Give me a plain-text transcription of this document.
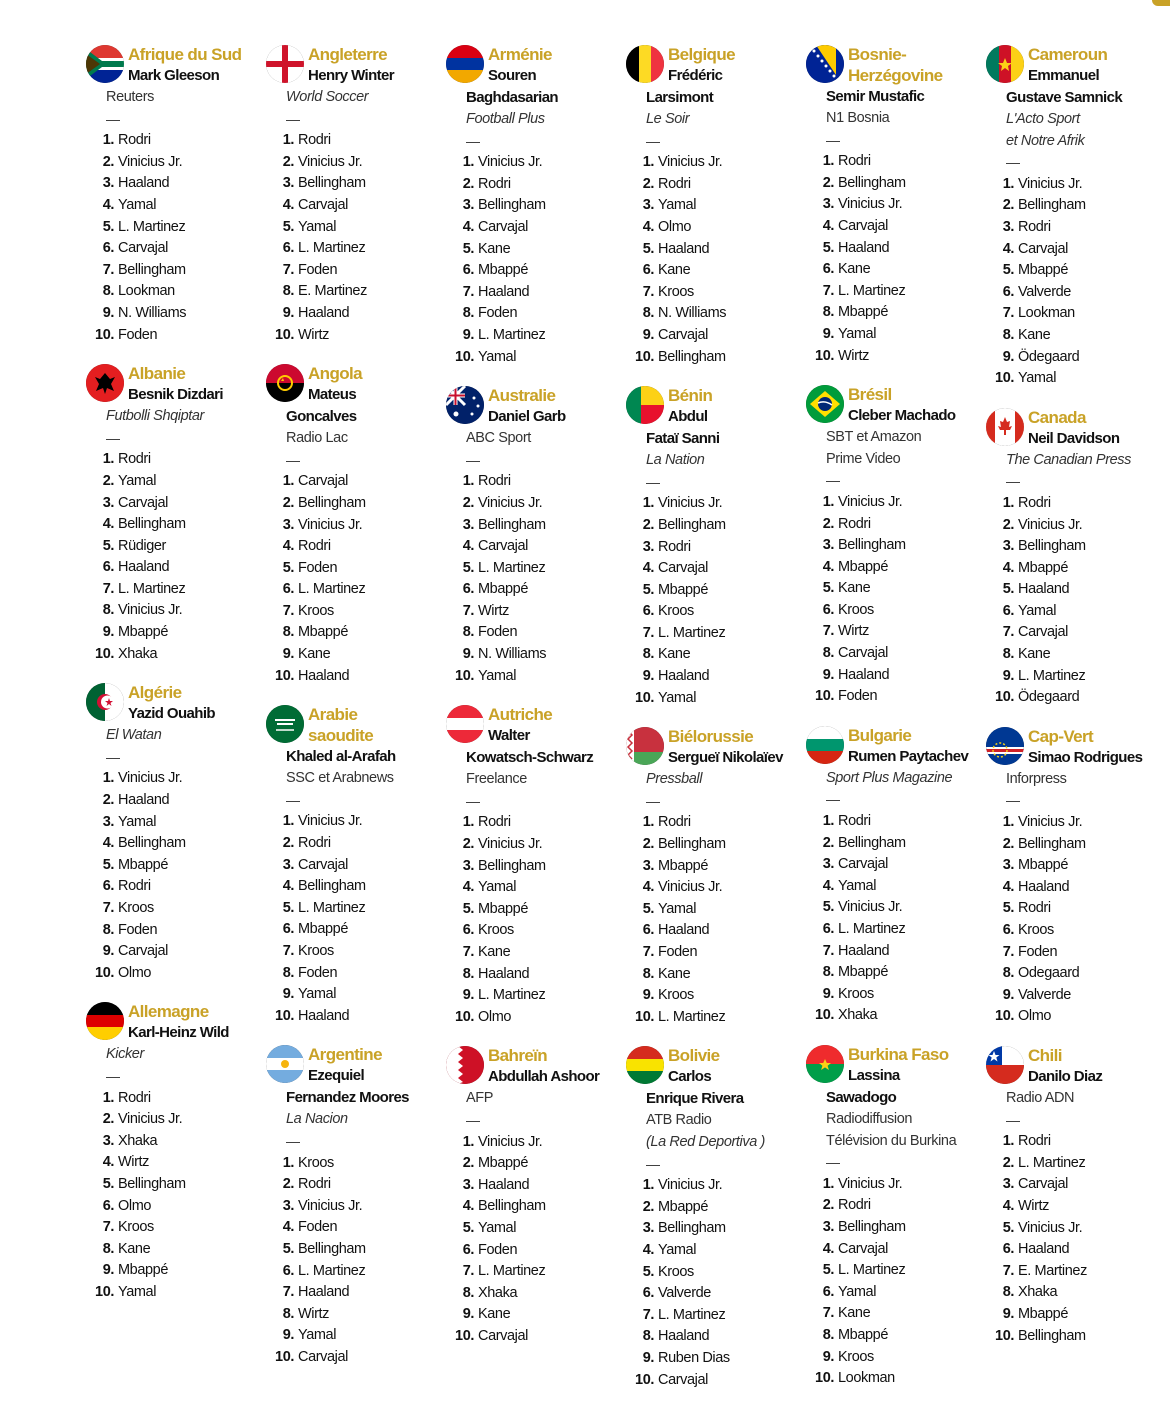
Afrique du Sud
Mark Gleeson
Reuters
—
1. Rodri
2. Vinicius Jr.
3. Haaland
4. Yamal
5. L. Martinez
6. Carvajal
7. Bellingham
8. Lookman
9. N. Williams
10. Foden
Albanie
Besnik Dizdari
Futbolli Shqiptar
—
1. Rodri
2. Yamal
3. Carvajal
4. Bellingham
5. Rüdiger
6. Haaland
7. L. Martinez
8. Vinicius Jr.
9. Mbappé
10. Xhaka
Algérie
Yazid Ouahib
El Watan
—
1. Vinicius Jr.
2. Haaland
3. Yamal
4. Bellingham
5. Mbappé
6. Rodri
7. Kroos
8. Foden
9. Carvajal
10. Olmo
Allemagne
Karl-Heinz Wild
Kicker
—
1. Rodri
2. Vinicius Jr.
3. Xhaka
4. Wirtz
5. Bellingham
6. Olmo
7. Kroos
8. Kane
9. Mbappé
10. Yamal
Angleterre
Henry Winter
World Soccer
—
1. Rodri
2. Vinicius Jr.
3. Bellingham
4. Carvajal
5. Yamal
6. L. Martinez
7. Foden
8. E. Martinez
9. Haaland
10. Wirtz
Angola
Mateus
Goncalves
Radio Lac
—
1. Carvajal
2. Bellingham
3. Vinicius Jr.
4. Rodri
5. Foden
6. L. Martinez
7. Kroos
8. Mbappé
9. Kane
10. Haaland
Arabie
saoudite
Khaled al-Arafah
SSC et Arabnews
—
1. Vinicius Jr.
2. Rodri
3. Carvajal
4. Bellingham
5. L. Martinez
6. Mbappé
7. Kroos
8. Foden
9. Yamal
10. Haaland
Argentine
Ezequiel
Fernandez Moores
La Nacion
—
1. Kroos
2. Rodri
3. Vinicius Jr.
4. Foden
5. Bellingham
6. L. Martinez
7. Haaland
8. Wirtz
9. Yamal
10. Carvajal
Arménie
Souren
Baghdasarian
Football Plus
—
1. Vinicius Jr.
2. Rodri
3. Bellingham
4. Carvajal
5. Kane
6. Mbappé
7. Haaland
8. Foden
9. L. Martinez
10. Yamal
Australie
Daniel Garb
ABC Sport
—
1. Rodri
2. Vinicius Jr.
3. Bellingham
4. Carvajal
5. L. Martinez
6. Mbappé
7. Wirtz
8. Foden
9. N. Williams
10. Yamal
Autriche
Walter
Kowatsch-Schwarz
Freelance
—
1. Rodri
2. Vinicius Jr.
3. Bellingham
4. Yamal
5. Mbappé
6. Kroos
7. Kane
8. Haaland
9. L. Martinez
10. Olmo
Bahreïn
Abdullah Ashoor
AFP
—
1. Vinicius Jr.
2. Mbappé
3. Haaland
4. Bellingham
5. Yamal
6. Foden
7. L. Martinez
8. Xhaka
9. Kane
10. Carvajal
Belgique
Frédéric
Larsimont
Le Soir
—
1. Vinicius Jr.
2. Rodri
3. Yamal
4. Olmo
5. Haaland
6. Kane
7. Kroos
8. N. Williams
9. Carvajal
10. Bellingham
Bénin
Abdul
Fataï Sanni
La Nation
—
1. Vinicius Jr.
2. Bellingham
3. Rodri
4. Carvajal
5. Mbappé
6. Kroos
7. L. Martinez
8. Kane
9. Haaland
10. Yamal
Biélorussie
Sergueï Nikolaïev
Pressball
—
1. Rodri
2. Bellingham
3. Mbappé
4. Vinicius Jr.
5. Yamal
6. Haaland
7. Foden
8. Kane
9. Kroos
10. L. Martinez
Bolivie
Carlos
Enrique Rivera
ATB Radio
(La Red Deportiva )
—
1. Vinicius Jr.
2. Mbappé
3. Bellingham
4. Yamal
5. Kroos
6. Valverde
7. L. Martinez
8. Haaland
9. Ruben Dias
10. Carvajal
Bosnie-
Herzégovine
Semir Mustafic
N1 Bosnia
—
1. Rodri
2. Bellingham
3. Vinicius Jr.
4. Carvajal
5. Haaland
6. Kane
7. L. Martinez
8. Mbappé
9. Yamal
10. Wirtz
Brésil
Cleber Machado
SBT et Amazon
Prime Video
—
1. Vinicius Jr.
2. Rodri
3. Bellingham
4. Mbappé
5. Kane
6. Kroos
7. Wirtz
8. Carvajal
9. Haaland
10. Foden
Bulgarie
Rumen Paytachev
Sport Plus Magazine
—
1. Rodri
2. Bellingham
3. Carvajal
4. Yamal
5. Vinicius Jr.
6. L. Martinez
7. Haaland
8. Mbappé
9. Kroos
10. Xhaka
Burkina Faso
Lassina
Sawadogo
Radiodiffusion
Télévision du Burkina
—
1. Vinicius Jr.
2. Rodri
3. Bellingham
4. Carvajal
5. L. Martinez
6. Yamal
7. Kane
8. Mbappé
9. Kroos
10. Lookman
Cameroun
Emmanuel
Gustave Samnick
L'Acto Sport
et Notre Afrik
—
1. Vinicius Jr.
2. Bellingham
3. Rodri
4. Carvajal
5. Mbappé
6. Valverde
7. Lookman
8. Kane
9. Ödegaard
10. Yamal
Canada
Neil Davidson
The Canadian Press
—
1. Rodri
2. Vinicius Jr.
3. Bellingham
4. Mbappé
5. Haaland
6. Yamal
7. Carvajal
8. Kane
9. L. Martinez
10. Ödegaard
Cap-Vert
Simao Rodrigues
Inforpress
—
1. Vinicius Jr.
2. Bellingham
3. Mbappé
4. Haaland
5. Rodri
6. Kroos
7. Foden
8. Odegaard
9. Valverde
10. Olmo
Chili
Danilo Diaz
Radio ADN
—
1. Rodri
2. L. Martinez
3. Carvajal
4. Wirtz
5. Vinicius Jr.
6. Haaland
7. E. Martinez
8. Xhaka
9. Mbappé
10. Bellingham
